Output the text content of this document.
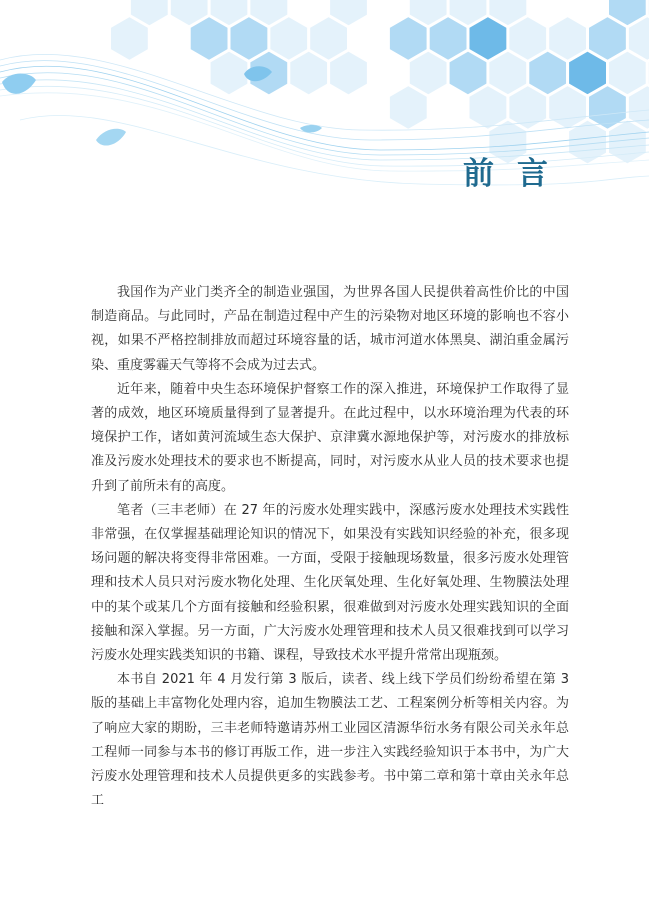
前言

我国作为产业门类齐全的制造业强国，为世界各国人民提供着高性价比的中国制造商品。与此同时，产品在制造过程中产生的污染物对地区环境的影响也不容小视，如果不严格控制排放而超过环境容量的话，城市河道水体黑臭、湖泊重金属污染、重度雾霾天气等将不会成为过去式。

近年来，随着中央生态环境保护督察工作的深入推进，环境保护工作取得了显著的成效，地区环境质量得到了显著提升。在此过程中，以水环境治理为代表的环境保护工作，诸如黄河流域生态大保护、京津冀水源地保护等，对污废水的排放标准及污废水处理技术的要求也不断提高，同时，对污废水从业人员的技术要求也提升到了前所未有的高度。

笔者（三丰老师）在 27 年的污废水处理实践中，深感污废水处理技术实践性非常强，在仅掌握基础理论知识的情况下，如果没有实践知识经验的补充，很多现场问题的解决将变得非常困难。一方面，受限于接触现场数量，很多污废水处理管理和技术人员只对污废水物化处理、生化厌氧处理、生化好氧处理、生物膜法处理中的某个或某几个方面有接触和经验积累，很难做到对污废水处理实践知识的全面接触和深入掌握。另一方面，广大污废水处理管理和技术人员又很难找到可以学习污废水处理实践类知识的书籍、课程，导致技术水平提升常常出现瓶颈。

本书自 2021 年 4 月发行第 3 版后，读者、线上线下学员们纷纷希望在第 3 版的基础上丰富物化处理内容，追加生物膜法工艺、工程案例分析等相关内容。为了响应大家的期盼，三丰老师特邀请苏州工业园区清源华衍水务有限公司关永年总工程师一同参与本书的修订再版工作，进一步注入实践经验知识于本书中，为广大污废水处理管理和技术人员提供更多的实践参考。书中第二章和第十章由关永年总工
